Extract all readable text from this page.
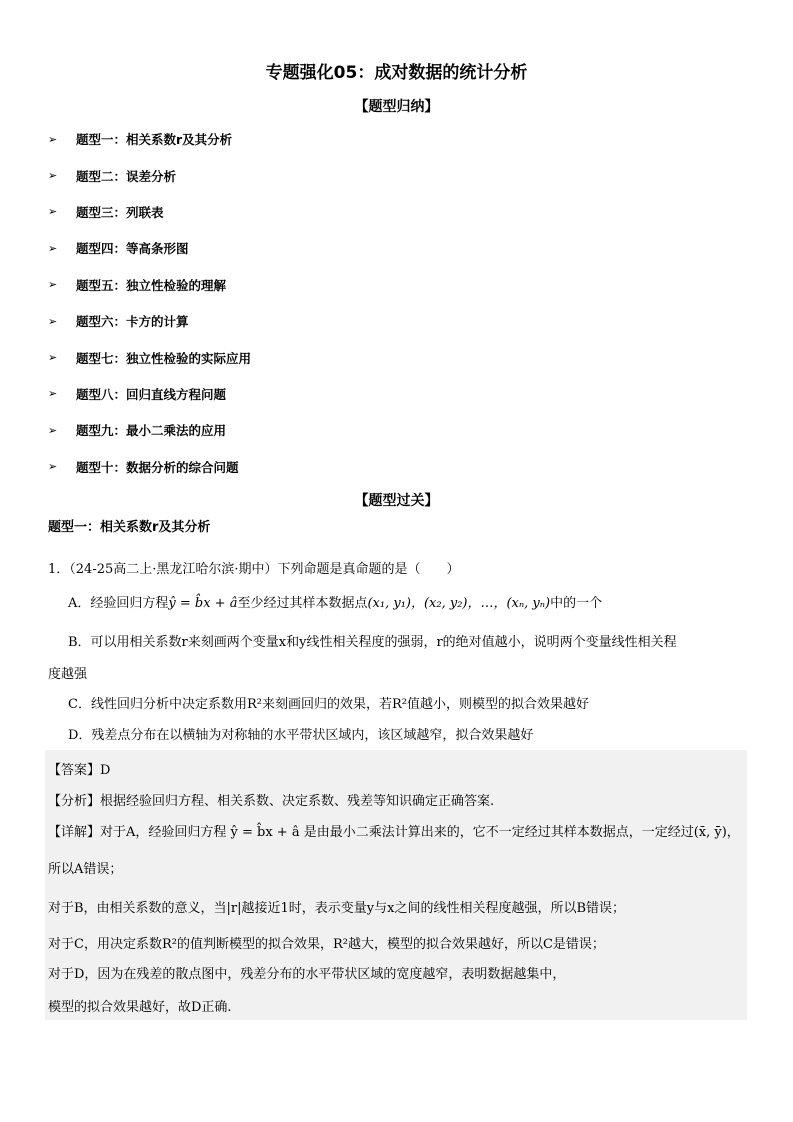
专题强化05：成对数据的统计分析
【题型归纳】
➢	题型一：相关系数r及其分析
➢	题型二：误差分析
➢	题型三：列联表
➢	题型四：等高条形图
➢	题型五：独立性检验的理解
➢	题型六：卡方的计算
➢	题型七：独立性检验的实际应用
➢	题型八：回归直线方程问题
➢	题型九：最小二乘法的应用
➢	题型十：数据分析的综合问题
【题型过关】
题型一：相关系数r及其分析
1．（24-25高二上·黑龙江哈尔滨·期中）下列命题是真命题的是（　　）
A．经验回归方程ŷ = b̂x + â至少经过其样本数据点(x₁, y₁)，(x₂, y₂)，…，(xₙ, yₙ)中的一个
B．可以用相关系数r来刻画两个变量x和y线性相关程度的强弱，r的绝对值越小，说明两个变量线性相关程
度越强
C．线性回归分析中决定系数用R²来刻画回归的效果，若R²值越小，则模型的拟合效果越好
D．残差点分布在以横轴为对称轴的水平带状区域内，该区域越窄，拟合效果越好
【答案】D
【分析】根据经验回归方程、相关系数、决定系数、残差等知识确定正确答案.
【详解】对于A，经验回归方程 ŷ = b̂x + â 是由最小二乘法计算出来的，它不一定经过其样本数据点，一定经过(x̄, ȳ)，
所以A错误；
对于B，由相关系数的意义，当|r|越接近1时，表示变量y与x之间的线性相关程度越强，所以B错误；
对于C，用决定系数R²的值判断模型的拟合效果，R²越大，模型的拟合效果越好，所以C是错误；
对于D，因为在残差的散点图中，残差分布的水平带状区域的宽度越窄，表明数据越集中，
模型的拟合效果越好，故D正确.
